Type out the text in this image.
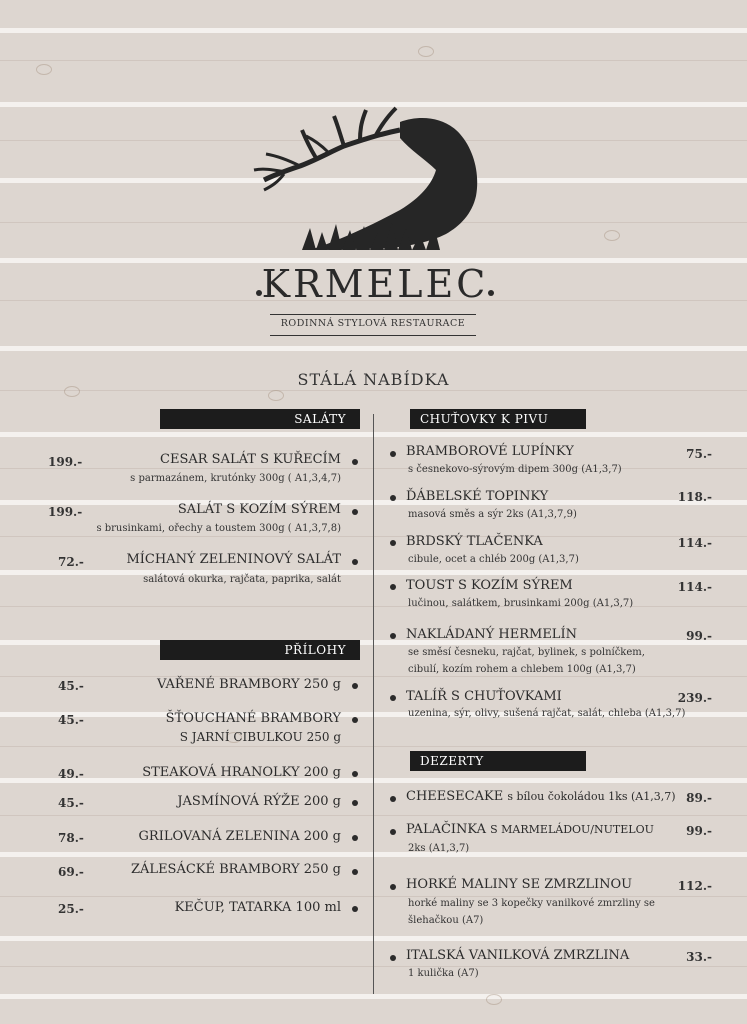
KRMELEC
RODINNÁ STYLOVÁ RESTAURACE
STÁLÁ NABÍDKA
SALÁTY
199.-	CESAR SALÁT S KUŘECÍM
s parmazánem, krutónky 300g ( A1,3,4,7)
199.-	SALÁT S KOZÍM SÝREM
s brusinkami, ořechy a toustem 300g ( A1,3,7,8)
72.-	MÍCHANÝ ZELENINOVÝ SALÁT
salátová okurka, rajčata, paprika, salát
PŘÍLOHY
45.-	VAŘENÉ BRAMBORY 250 g
45.-	ŠŤOUCHANÉ BRAMBORY
S JARNÍ CIBULKOU 250 g
49.-	STEAKOVÁ HRANOLKY 200 g
45.-	JASMÍNOVÁ RÝŽE 200 g
78.-	GRILOVANÁ ZELENINA 200 g
69.-	ZÁLESÁCKÉ BRAMBORY 250 g
25.-	KEČUP, TATARKA 100 ml
CHUŤOVKY K PIVU
BRAMBOROVÉ LUPÍNKY	75.-
s česnekovo-sýrovým dipem 300g (A1,3,7)
ĎÁBELSKÉ TOPINKY	118.-
masová směs a sýr 2ks (A1,3,7,9)
BRDSKÝ TLAČENKA	114.-
cibule, ocet a chléb 200g (A1,3,7)
TOUST S KOZÍM SÝREM	114.-
lučinou, salátkem, brusinkami 200g (A1,3,7)
NAKLÁDANÝ HERMELÍN	99.-
se směsí česneku, rajčat, bylinek, s polníčkem,
cibulí, kozím rohem a chlebem 100g (A1,3,7)
TALÍŘ S CHUŤOVKAMI	239.-
uzenina, sýr, olivy, sušená rajčat, salát, chleba (A1,3,7)
DEZERTY
CHEESECAKE s bílou čokoládou 1ks (A1,3,7) 89.-
PALAČINKA S MARMELÁDOU/NUTELOU	99.-
2ks (A1,3,7)
HORKÉ MALINY SE ZMRZLINOU	112.-
horké maliny se 3 kopečky vanilkové zmrzliny se
šlehačkou (A7)
ITALSKÁ VANILKOVÁ ZMRZLINA	33.-
1 kulička (A7)
